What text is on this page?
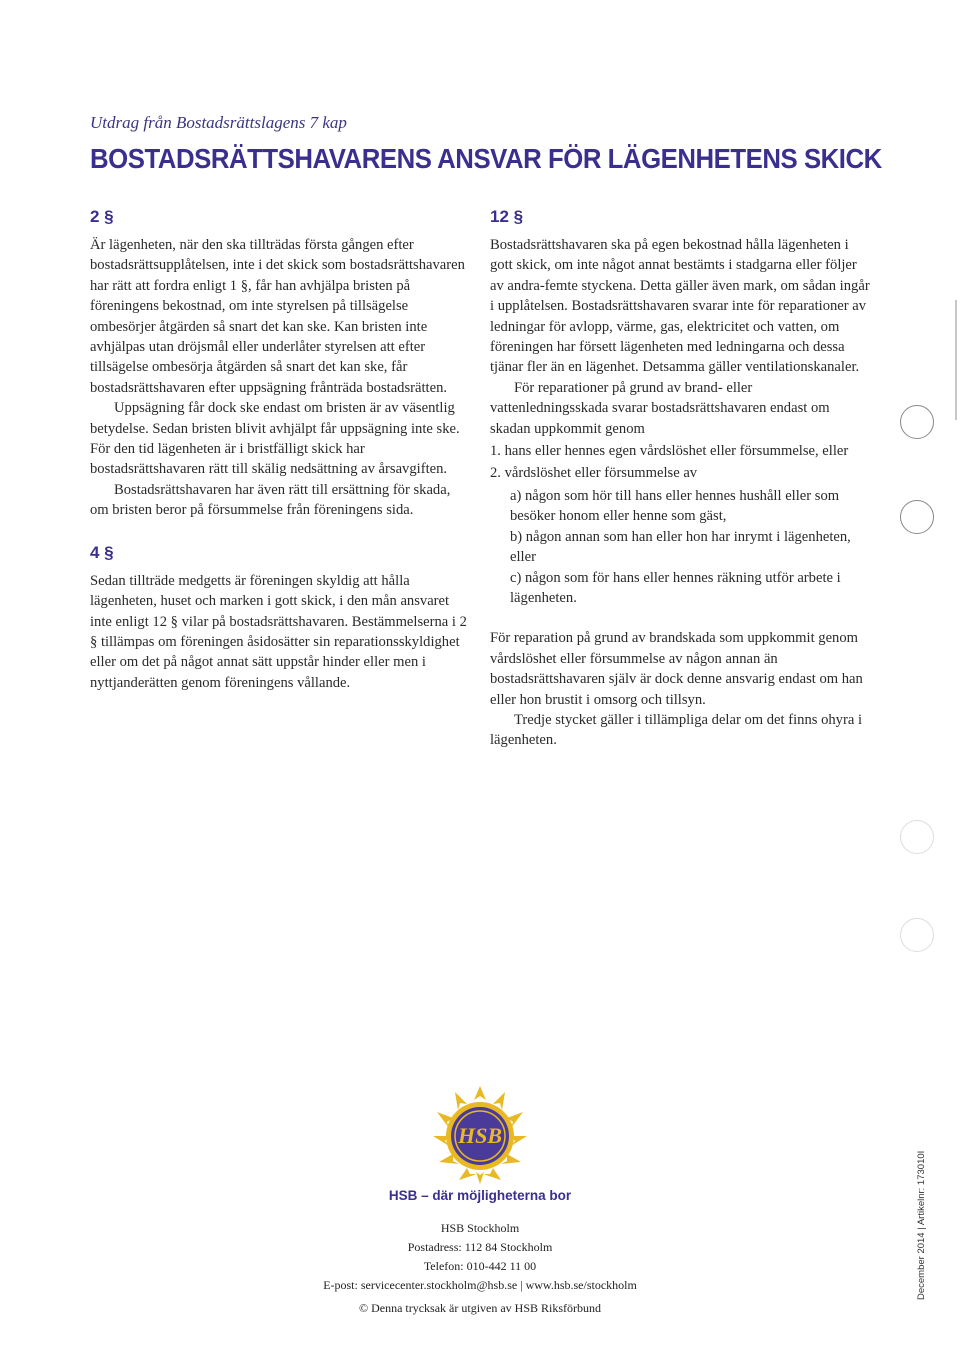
Utdrag från Bostadsrättslagens 7 kap
BOSTADSRÄTTSHAVARENS ANSVAR FÖR LÄGENHETENS SKICK
2 §

Är lägenheten, när den ska tillträdas första gången efter bostadsrättsupplåtelsen, inte i det skick som bostadsrättshavaren har rätt att fordra enligt 1 §, får han avhjälpa bristen på föreningens bekostnad, om inte styrelsen på tillsägelse ombesörjer åtgärden så snart det kan ske. Kan bristen inte avhjälpas utan dröjsmål eller underlåter styrelsen att efter tillsägelse ombesörja åtgärden så snart det kan ske, får bostadsrättshavaren efter uppsägning frånträda bostadsrätten.

Uppsägning får dock ske endast om bristen är av väsentlig betydelse. Sedan bristen blivit avhjälpt får uppsägning inte ske. För den tid lägenheten är i bristfälligt skick har bostadsrättshavaren rätt till skälig nedsättning av årsavgiften.

Bostadsrättshavaren har även rätt till ersättning för skada, om bristen beror på försummelse från föreningens sida.

4 §

Sedan tillträde medgetts är föreningen skyldig att hålla lägenheten, huset och marken i gott skick, i den mån ansvaret inte enligt 12 § vilar på bostadsrättshavaren. Bestämmelserna i 2 § tillämpas om föreningen åsidosätter sin reparationsskyldighet eller om det på något annat sätt uppstår hinder eller men i nyttjanderätten genom föreningens vållande.

12 §

Bostadsrättshavaren ska på egen bekostnad hålla lägenheten i gott skick, om inte något annat bestämts i stadgarna eller följer av andra-femte styckena. Detta gäller även mark, om sådan ingår i upplåtelsen. Bostadsrättshavaren svarar inte för reparationer av ledningar för avlopp, värme, gas, elektricitet och vatten, om föreningen har försett lägenheten med ledningarna och dessa tjänar fler än en lägenhet. Detsamma gäller ventilationskanaler.

För reparationer på grund av brand- eller vattenledningsskada svarar bostadsrättshavaren endast om skadan uppkommit genom

1. hans eller hennes egen vårdslöshet eller försummelse, eller

2. vårdslöshet eller försummelse av

a) någon som hör till hans eller hennes hushåll eller som besöker honom eller henne som gäst,

b) någon annan som han eller hon har inrymt i lägenheten, eller

c) någon som för hans eller hennes räkning utför arbete i lägenheten.

För reparation på grund av brandskada som uppkommit genom vårdslöshet eller försummelse av någon annan än bostadsrättshavaren själv är dock denne ansvarig endast om han eller hon brustit i omsorg och tillsyn.

Tredje stycket gäller i tillämpliga delar om det finns ohyra i lägenheten.

HSB
HSB – där möjligheterna bor
HSB Stockholm
Postadress: 112 84 Stockholm
Telefon: 010-442 11 00
E-post: servicecenter.stockholm@hsb.se | www.hsb.se/stockholm
© Denna trycksak är utgiven av HSB Riksförbund
December 2014 | Artikelnr: 173010I
